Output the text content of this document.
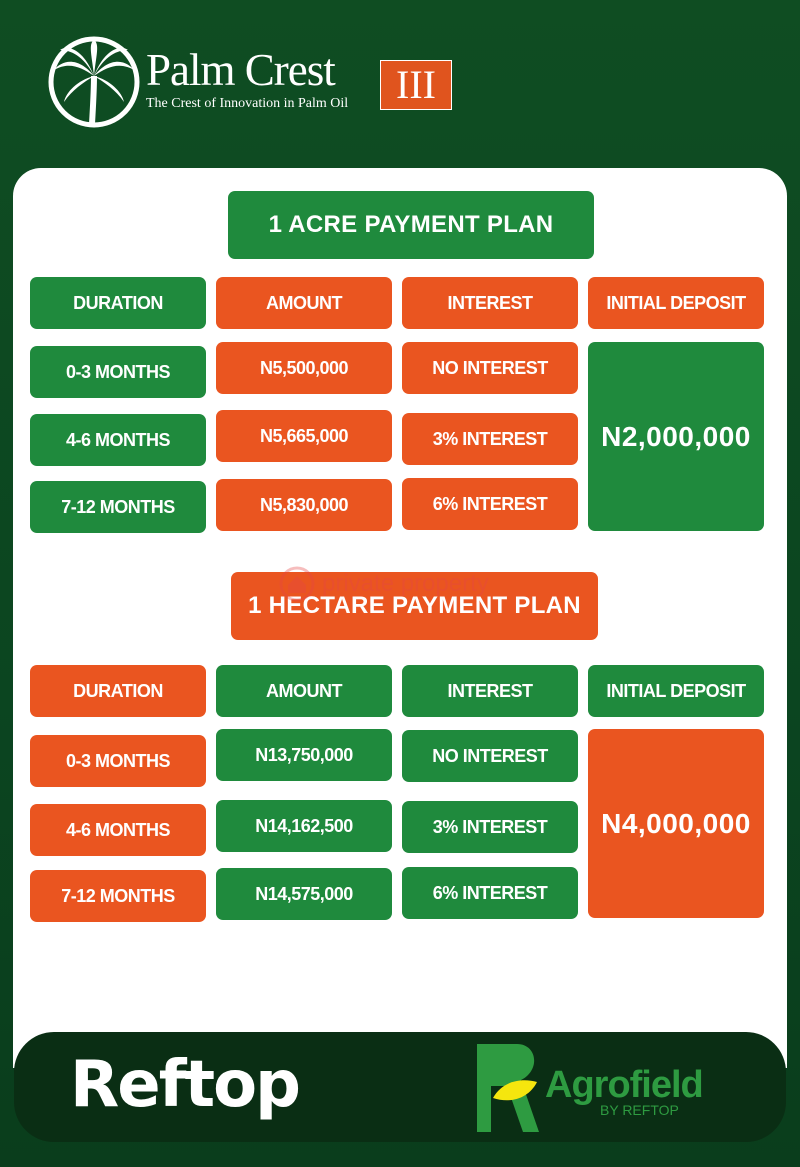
Palm Crest	III
The Crest of Innovation in Palm Oil
1 ACRE PAYMENT PLAN
DURATION	AMOUNT	INTEREST	INITIAL DEPOSIT
0-3 MONTHS	N5,500,000	NO INTEREST
4-6 MONTHS	N5,665,000	3% INTEREST
7-12 MONTHS	N5,830,000	6% INTEREST
N2,000,000
1 HECTARE PAYMENT PLAN
DURATION	AMOUNT	INTEREST	INITIAL DEPOSIT
0-3 MONTHS	N13,750,000	NO INTEREST
4-6 MONTHS	N14,162,500	3% INTEREST
7-12 MONTHS	N14,575,000	6% INTEREST
N4,000,000
private property
Reftop	Agrofield
BY REFTOP
